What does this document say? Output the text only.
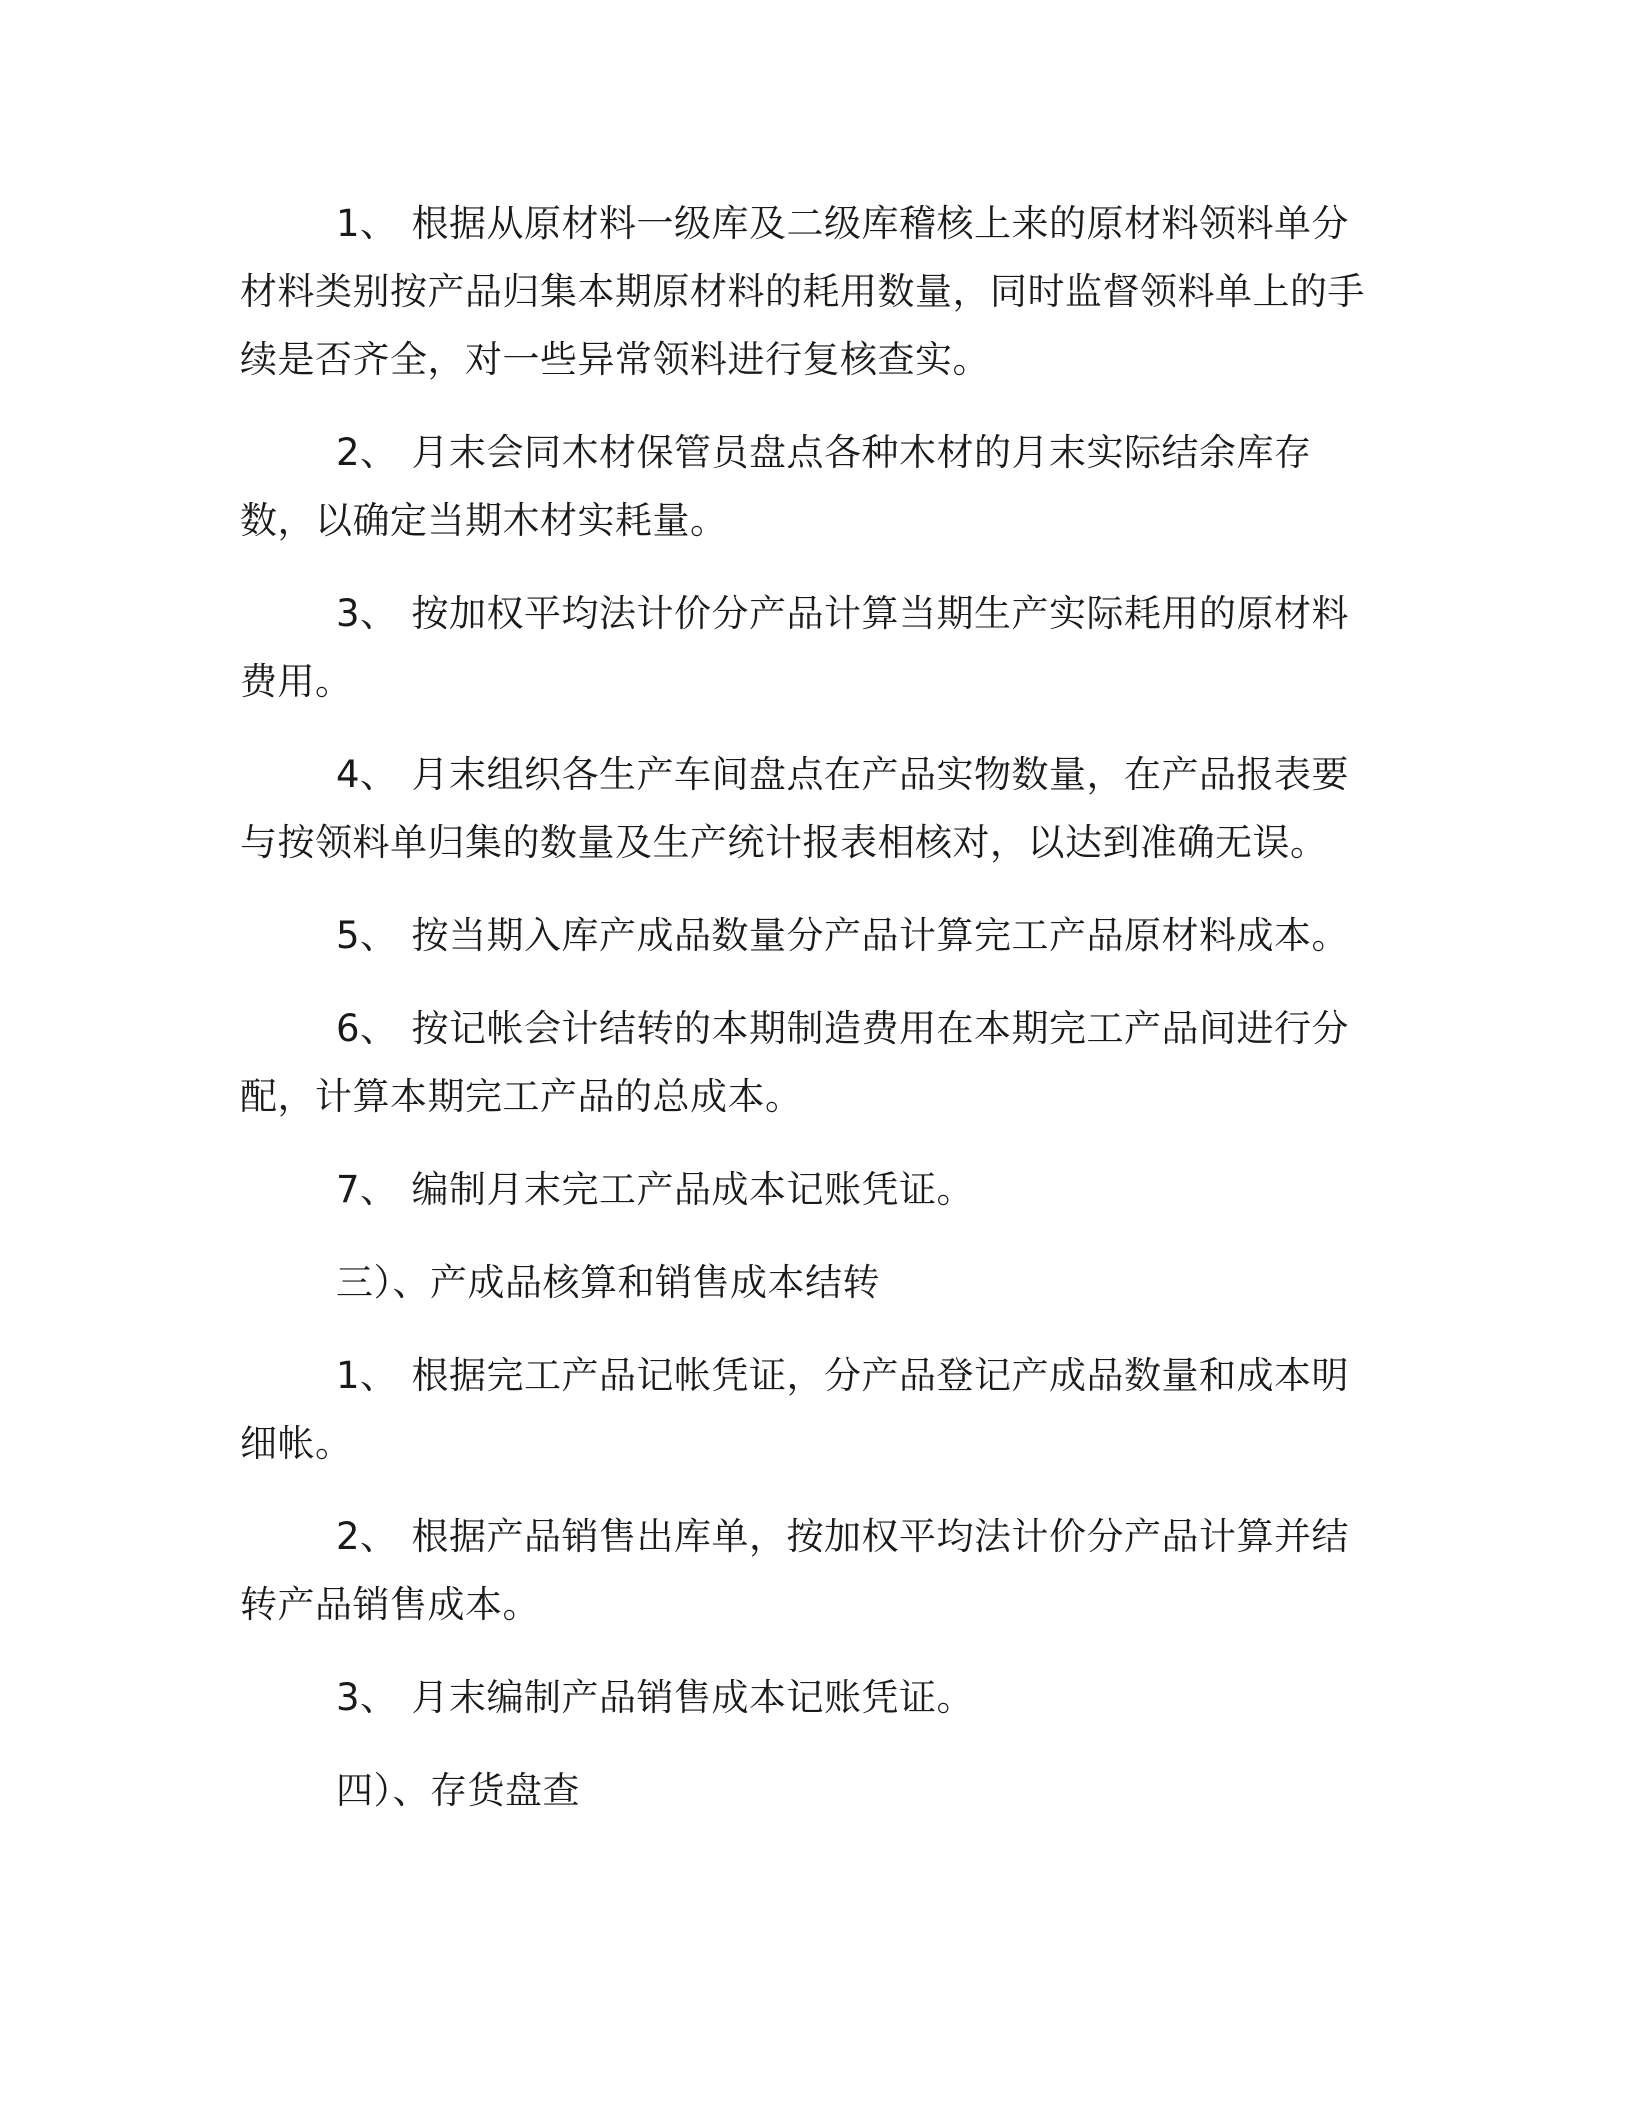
1、 根据从原材料一级库及二级库稽核上来的原材料领料单分材料类别按产品归集本期原材料的耗用数量，同时监督领料单上的手续是否齐全，对一些异常领料进行复核查实。

2、 月末会同木材保管员盘点各种木材的月末实际结余库存数，以确定当期木材实耗量。

3、 按加权平均法计价分产品计算当期生产实际耗用的原材料费用。

4、 月末组织各生产车间盘点在产品实物数量，在产品报表要与按领料单归集的数量及生产统计报表相核对，以达到准确无误。

5、 按当期入库产成品数量分产品计算完工产品原材料成本。

6、 按记帐会计结转的本期制造费用在本期完工产品间进行分配，计算本期完工产品的总成本。

7、 编制月末完工产品成本记账凭证。

三）、产成品核算和销售成本结转

1、 根据完工产品记帐凭证，分产品登记产成品数量和成本明细帐。

2、 根据产品销售出库单，按加权平均法计价分产品计算并结转产品销售成本。

3、 月末编制产品销售成本记账凭证。

四）、存货盘查
